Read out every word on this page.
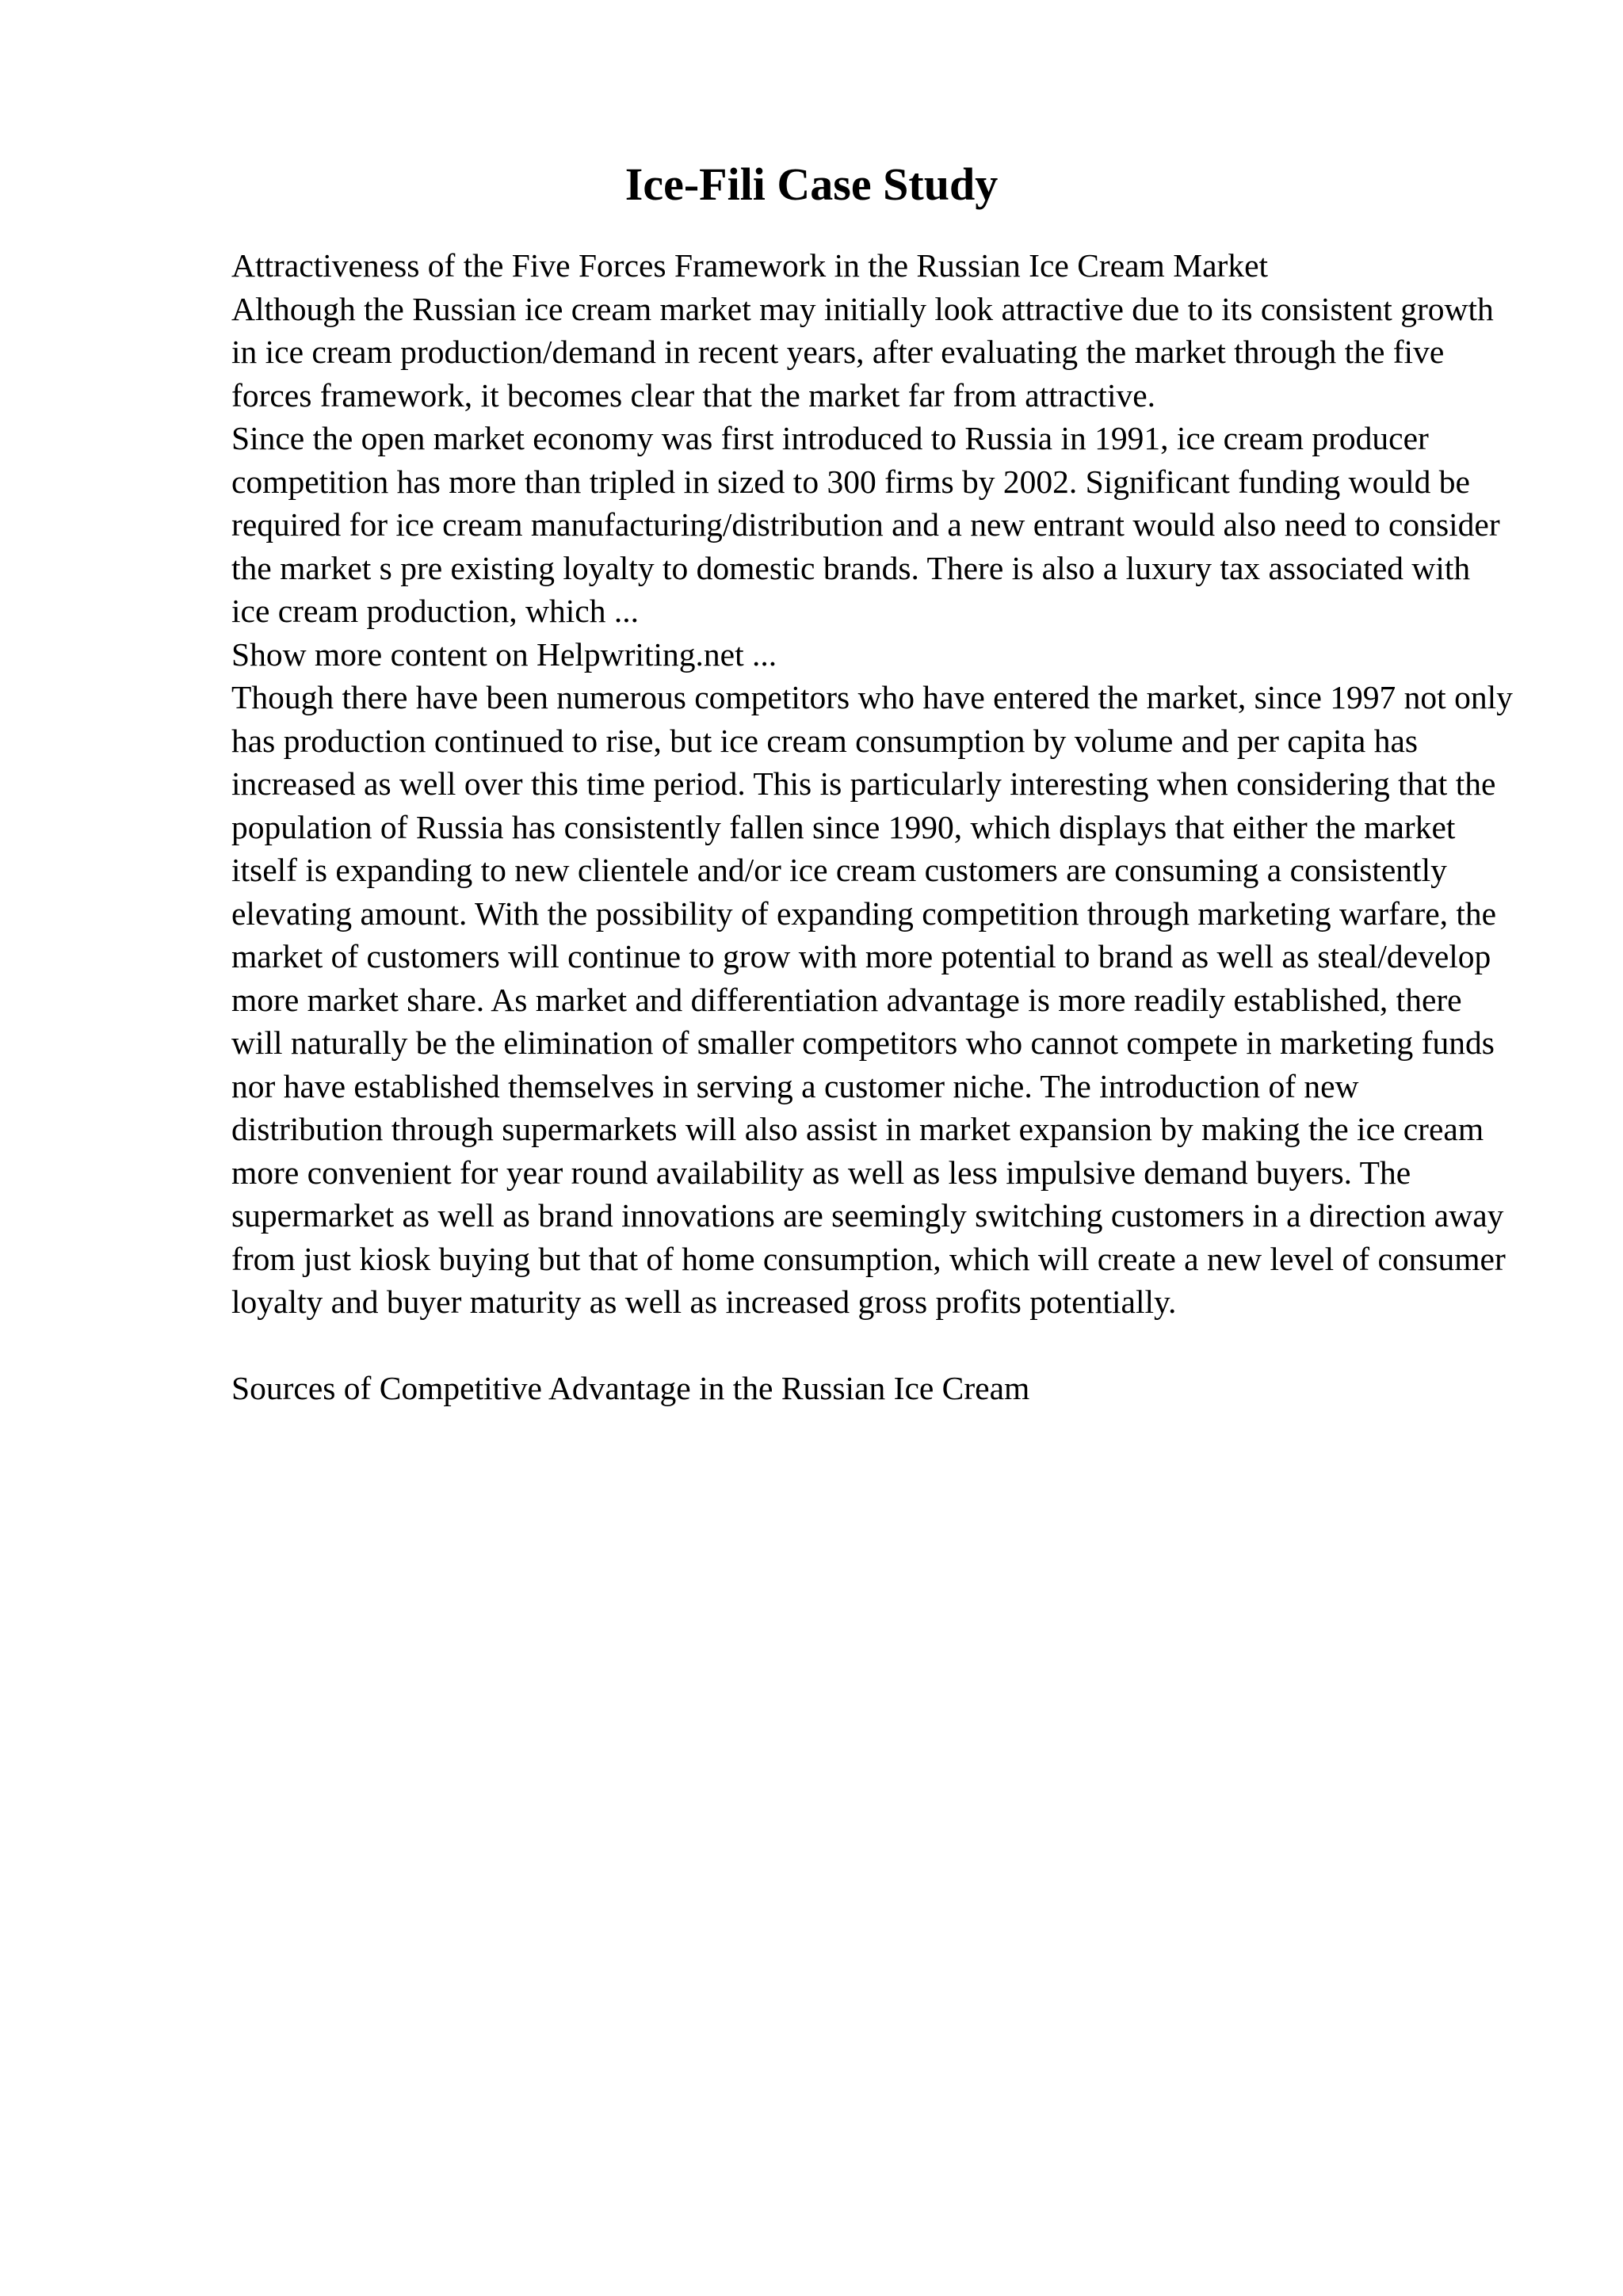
Ice-Fili Case Study

Attractiveness of the Five Forces Framework in the Russian Ice Cream Market

Although the Russian ice cream market may initially look attractive due to its consistent growth in ice cream production/demand in recent years, after evaluating the market through the five forces framework, it becomes clear that the market far from attractive.

Since the open market economy was first introduced to Russia in 1991, ice cream producer competition has more than tripled in sized to 300 firms by 2002. Significant funding would be required for ice cream manufacturing/distribution and a new entrant would also need to consider the market s pre existing loyalty to domestic brands. There is also a luxury tax associated with ice cream production, which ...

Show more content on Helpwriting.net ...

Though there have been numerous competitors who have entered the market, since 1997 not only has production continued to rise, but ice cream consumption by volume and per capita has increased as well over this time period. This is particularly interesting when considering that the population of Russia has consistently fallen since 1990, which displays that either the market itself is expanding to new clientele and/or ice cream customers are consuming a consistently elevating amount. With the possibility of expanding competition through marketing warfare, the market of customers will continue to grow with more potential to brand as well as steal/develop more market share. As market and differentiation advantage is more readily established, there will naturally be the elimination of smaller competitors who cannot compete in marketing funds nor have established themselves in serving a customer niche. The introduction of new distribution through supermarkets will also assist in market expansion by making the ice cream more convenient for year round availability as well as less impulsive demand buyers. The supermarket as well as brand innovations are seemingly switching customers in a direction away from just kiosk buying but that of home consumption, which will create a new level of consumer loyalty and buyer maturity as well as increased gross profits potentially.

Sources of Competitive Advantage in the Russian Ice Cream
